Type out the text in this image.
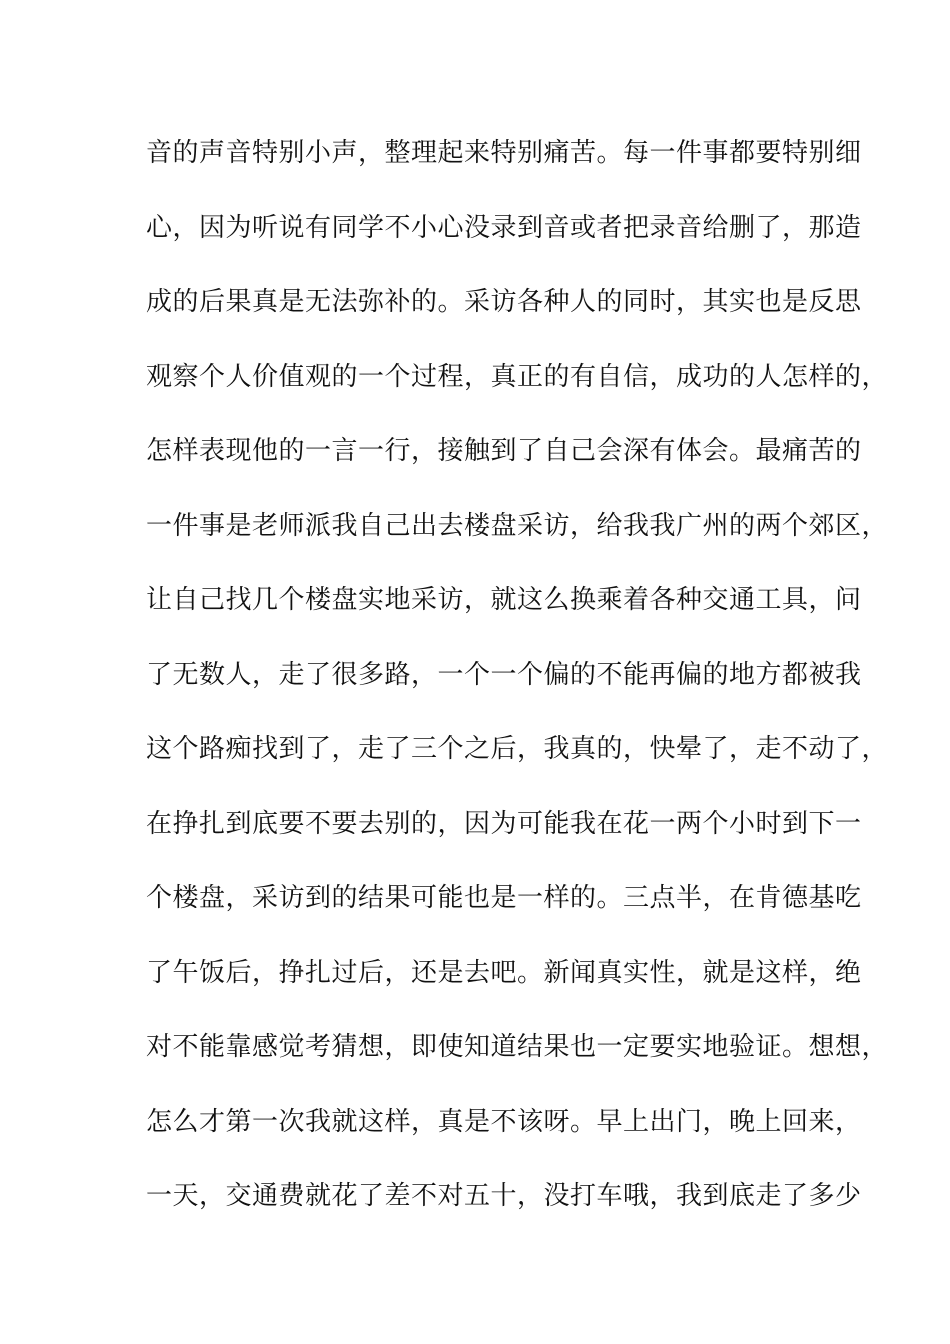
音的声音特别小声，整理起来特别痛苦。每一件事都要特别细
心，因为听说有同学不小心没录到音或者把录音给删了，那造
成的后果真是无法弥补的。采访各种人的同时，其实也是反思
观察个人价值观的一个过程，真正的有自信，成功的人怎样的，
怎样表现他的一言一行，接触到了自己会深有体会。最痛苦的
一件事是老师派我自己出去楼盘采访，给我我广州的两个郊区，
让自己找几个楼盘实地采访，就这么换乘着各种交通工具，问
了无数人，走了很多路，一个一个偏的不能再偏的地方都被我
这个路痴找到了，走了三个之后，我真的，快晕了，走不动了，
在挣扎到底要不要去别的，因为可能我在花一两个小时到下一
个楼盘，采访到的结果可能也是一样的。三点半，在肯德基吃
了午饭后，挣扎过后，还是去吧。新闻真实性，就是这样，绝
对不能靠感觉考猜想，即使知道结果也一定要实地验证。想想，
怎么才第一次我就这样，真是不该呀。早上出门，晚上回来，
一天，交通费就花了差不对五十，没打车哦，我到底走了多少
